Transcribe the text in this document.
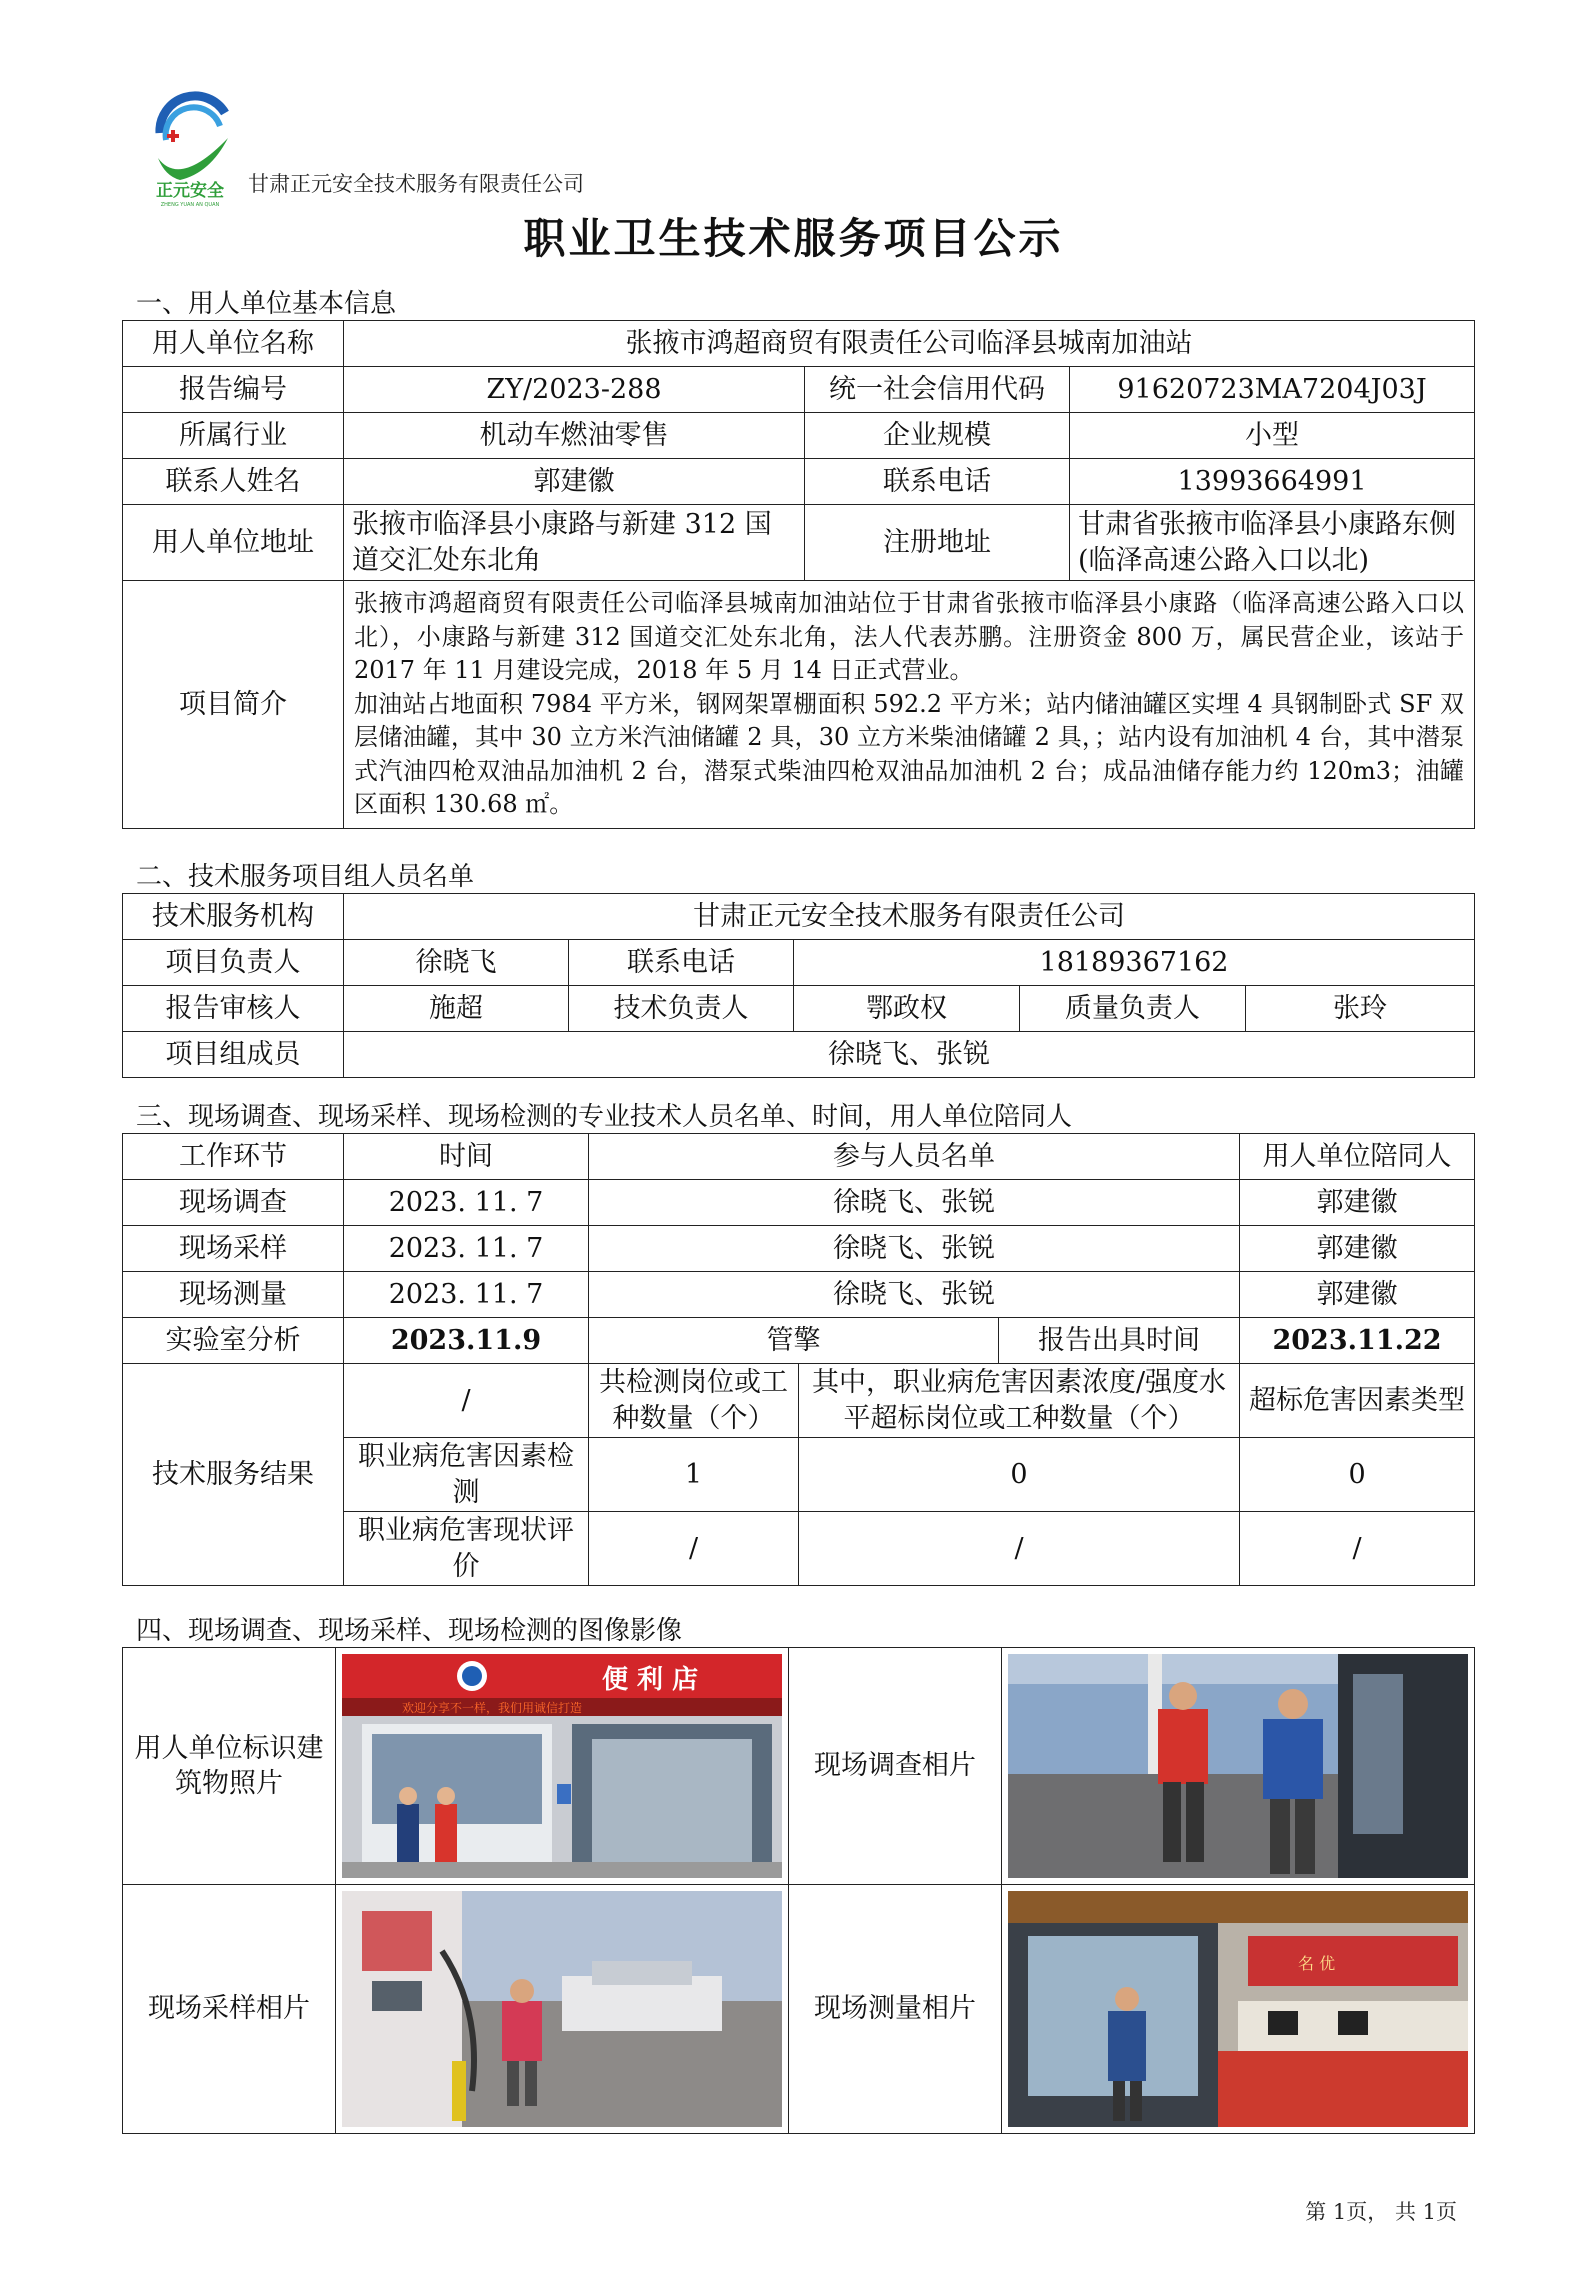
正元安全
ZHENG YUAN AN QUAN
甘肃正元安全技术服务有限责任公司
职业卫生技术服务项目公示
一、用人单位基本信息
用人单位名称	张掖市鸿超商贸有限责任公司临泽县城南加油站		
报告编号	ZY/2023-288	统一社会信用代码	91620723MA7204J03J
所属行业	机动车燃油零售	企业规模	小型
联系人姓名	郭建徽	联系电话	13993664991
用人单位地址	张掖市临泽县小康路与新建 312 国道交汇处东北角	注册地址	甘肃省张掖市临泽县小康路东侧(临泽高速公路入口以北)
项目简介	张掖市鸿超商贸有限责任公司临泽县城南加油站位于甘肃省张掖市临泽县小康路（临泽高速公路入口以北），小康路与新建 312 国道交汇处东北角，法人代表苏鹏。注册资金 800 万，属民营企业，该站于 2017 年 11 月建设完成，2018 年 5 月 14 日正式营业。
加油站占地面积 7984 平方米，钢网架罩棚面积 592.2 平方米；站内储油罐区实埋 4 具钢制卧式 SF 双层储油罐，其中 30 立方米汽油储罐 2 具，30 立方米柴油储罐 2 具，；站内设有加油机 4 台，其中潜泵式汽油四枪双油品加油机 2 台，潜泵式柴油四枪双油品加油机 2 台；成品油储存能力约 120m3；油罐区面积 130.68 ㎡。		
二、技术服务项目组人员名单
技术服务机构	甘肃正元安全技术服务有限责任公司				
项目负责人	徐晓飞	联系电话	18189367162		
报告审核人	施超	技术负责人	鄂政权	质量负责人	张玲
项目组成员	徐晓飞、张锐				
三、现场调查、现场采样、现场检测的专业技术人员名单、时间，用人单位陪同人
工作环节	时间	参与人员名单			用人单位陪同人
现场调查	2023. 11. 7	徐晓飞、张锐			郭建徽
现场采样	2023. 11. 7	徐晓飞、张锐			郭建徽
现场测量	2023. 11. 7	徐晓飞、张锐			郭建徽
实验室分析	2023.11.9	管擎		报告出具时间	2023.11.22
技术服务结果	/	共检测岗位或工种数量（个）	其中，职业病危害因素浓度/强度水平超标岗位或工种数量（个）		超标危害因素类型
	职业病危害因素检测	1	0		0
	职业病危害现状评价	/	/		/
四、现场调查、现场采样、现场检测的图像影像
用人单位标识建筑物照片	便 利 店
欢迎分享不一样，我们用诚信打造	现场调查相片	

现场采样相片		现场测量相片	名 优
第 1页， 共 1页
